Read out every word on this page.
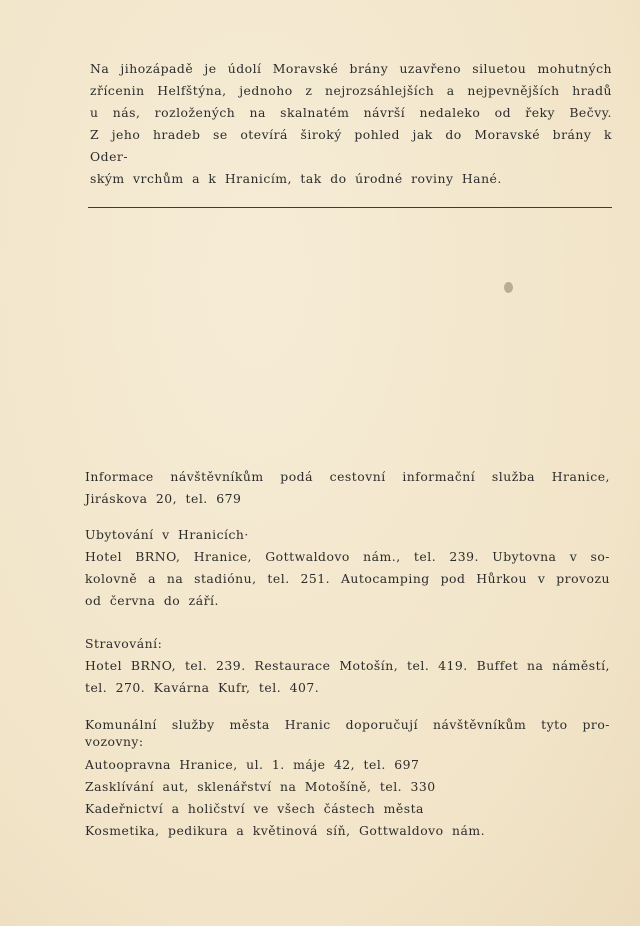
Na jihozápadě je údolí Moravské brány uzavřeno siluetou mohutných
zřícenin Helfštýna, jednoho z nejrozsáhlejších a nejpevnějších hradů
u nás, rozložených na skalnatém návrší nedaleko od řeky Bečvy.
Z jeho hradeb se otevírá široký pohled jak do Moravské brány k Oder-
ským vrchům a k Hranicím, tak do úrodné roviny Hané.
Informace návštěvníkům podá cestovní informační služba Hranice,
Jiráskova 20, tel. 679
Ubytování v Hranicích·
Hotel BRNO, Hranice, Gottwaldovo nám., tel. 239. Ubytovna v so-
kolovně a na stadiónu, tel. 251. Autocamping pod Hůrkou v provozu
od června do září.
Stravování:
Hotel BRNO, tel. 239. Restaurace Motošín, tel. 419. Buffet na náměstí,
tel. 270. Kavárna Kufr, tel. 407.
Komunální služby města Hranic doporučují návštěvníkům tyto pro-
vozovny:
Autoopravna Hranice, ul. 1. máje 42, tel. 697
Zasklívání aut, sklenářství na Motošíně, tel. 330
Kadeřnictví a holičství ve všech částech města
Kosmetika, pedikura a květinová síň, Gottwaldovo nám.
